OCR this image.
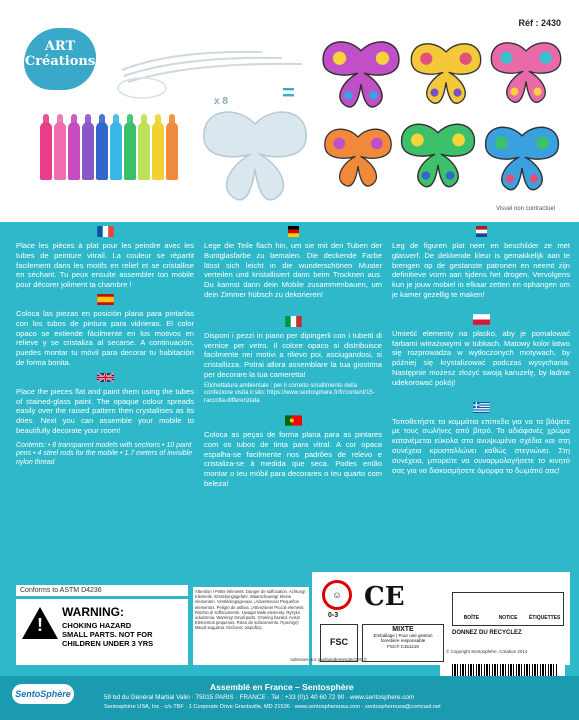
ART
Créations
Réf : 2430
x 8 =
Visuel non contractuel

Place les pièces à plat pour les peindre avec les tubes de peinture vitrail. La couleur se répartit facilement dans les motifs en relief et se cristallise en séchant. Tu peux ensuite assembler ton mobile pour décorer joliment ta chambre !

Coloca las piezas en posición plana para pintarlas con los tubos de pintura para vidrieras. El color opaco se extiende fácilmente en los motivos en relieve y se cristaliza al secarse. A continuación, puedes montar tu móvil para decorar tu habitación de forma bonita.

Place the pieces flat and paint them using the tubes of stained-glass paint. The opaque colour spreads easily over the raised pattern then crystallises as its dries. Next you can assemble your mobile to beautifully decorate your room!

Contents: • 8 transparent models with sections • 10 paint pens • 4 steel rods for the mobile • 1.7 meters of invisible nylon thread

Lege die Teile flach hin, um sie mit den Tuben der Buntglasfarbe zu bemalen. Die deckende Farbe lässt sich leicht in die wunderschönen Muster verteilen und kristallisiert dann beim Trocknen aus. Du kannst dann dein Mobile zusammenbauen, um dein Zimmer hübsch zu dekorieren!

Disponi i pezzi in piano per dipingerli con i tubetti di vernice per vetro. Il colore opaco si distribuisce facilmente nei motivi a rilievo poi, asciugandosi, si cristallizza. Potrai allora assemblare la tua giostrina per decorare la tua cameretta!

Etichettatura ambientale : per il corretto smaltimento della confezione visita il sito: https://www.sentosphere.fr/fr/content/15-raccolta-differenziata

Coloca as peças de forma plana para as pintares com os tubos de tinta para vitral. A cor opaca espalha-se facilmente nos padrões de relevo e cristaliza-se à medida que seca. Podes então montar o teu móbil para decorares o teu quarto com beleza!

Leg de figuren plat neer en beschilder ze met glasverf. De dekkende kleur is gemakkelijk aan te brengen op de gestanste patronen en neemt zijn definitieve vorm aan tijdens het drogen. Vervolgens kun je jouw mobiel in elkaar zetten en ophangen om je kamer gezellig te maken!

Umieść elementy na płasko, aby je pomalować farbami witrażowymi w tubkach. Matowy kolor łatwo się rozprowadza w wytłoczonych motywach, by później się krystalizować podczas wysychania. Następnie możesz złożyć swoją karuzelę, by ładnie udekorować pokój!

Τοποθετήστε τα κομμάτια επίπεδα για να τα βάψετε με τους σωλήνες από βιτρό. Το αδιάφανές χρώμα κατανέμεται εύκολα στα ανυψωμένα σχέδια και στη συνέχεια κρυσταλλώνει καθώς στεγνώνει. Στη συνέχεια, μπορείτε να συναρμολογήσετε το κινητό σας για να διακοσμήσετε όμορφα το δωμάτιό σας!

Conforms to ASTM D4236
!
WARNING:
CHOKING HAZARD
SMALL PARTS. NOT FOR
CHILDREN UNDER 3 YRS
Attention ! Petits éléments. Danger de suffocation. Achtung! Kleinteile. Erstickungsgefahr. Waarschuwing! Kleine elementen. Verstikkingsgevaar. ¡Advertencia! Pequeños elementos. Peligro de asfixia. ¡Attenzione! Piccoli elementi. Rischio di soffocamento. Uwaga! Małe elementy. Ryzyko uduszenia. Warning! Small parts. Choking hazard. Aviso! Elementos pequenos. Risco de sufocamento. Προσοχή! Μικρά κομμάτια. Κίνδυνος ασφυξίας.
☺
0-3
CE
FSC
MIXTE
Emballage | Pour une gestion forestière responsable
FSC® C151216
BOÎTE	NOTICE	ÉTIQUETTES
DONNEZ DU RECYCLEZ
© Copyright Sentosphère, Création 2014
Adresses sur quefairedemesdechets.fr
SentoSphère
Assemblé en France – Sentosphère
59 bd du Général Martial Valin · 75015 PARIS · FRANCE · Tel : +33 (0)1 40 60 72 90 · www.sentosphere.com
Sentosphère USA, Inc - c/o TBF · 1 Corporate Drive Grantsville, MD 21536 · www.sentosphereusa.com · sentosphereusa@comcast.net
